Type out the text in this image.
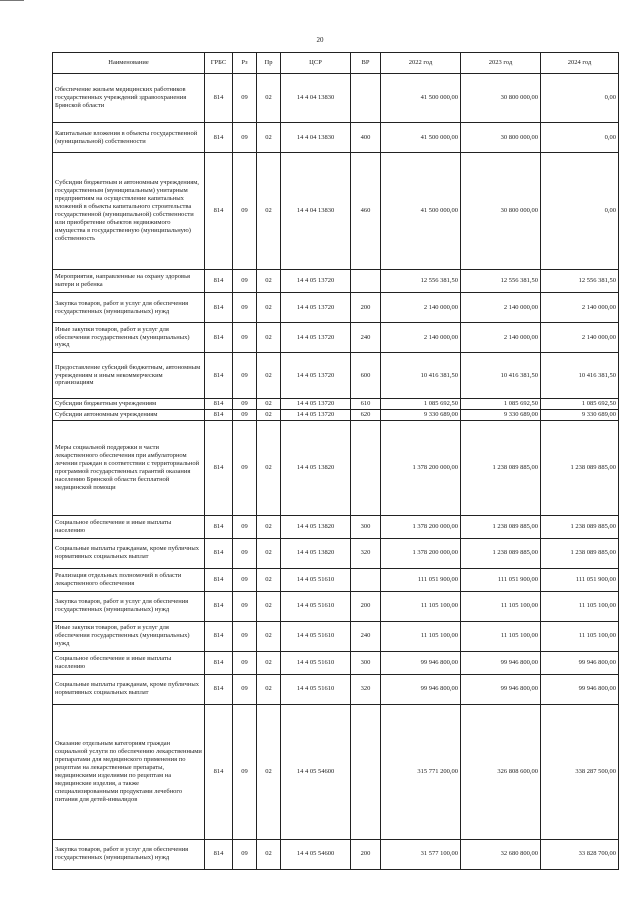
20
Наименование	ГРБС	Рз	Пр	ЦСР	ВР	2022 год	2023 год	2024 год
Обеспечение жильем медицинских работников государственных учреждений здравоохранения Брянской области	814	09	02	14 4 04 13830		41 500 000,00	30 800 000,00	0,00
Капитальные вложения в объекты государственной (муниципальной) собственности	814	09	02	14 4 04 13830	400	41 500 000,00	30 800 000,00	0,00
Субсидии бюджетным и автономным учреждениям, государственным (муниципальным) унитарным предприятиям на осуществление капитальных вложений в объекты капитального строительства государственной (муниципальной) собственности или приобретение объектов недвижимого имущества в государственную (муниципальную) собственность	814	09	02	14 4 04 13830	460	41 500 000,00	30 800 000,00	0,00
Мероприятия, направленные на охрану здоровья матери и ребенка	814	09	02	14 4 05 13720		12 556 381,50	12 556 381,50	12 556 381,50
Закупка товаров, работ и услуг для обеспечения государственных (муниципальных) нужд	814	09	02	14 4 05 13720	200	2 140 000,00	2 140 000,00	2 140 000,00
Иные закупки товаров, работ и услуг для обеспечения государственных (муниципальных) нужд	814	09	02	14 4 05 13720	240	2 140 000,00	2 140 000,00	2 140 000,00
Предоставление субсидий бюджетным, автономным учреждениям и иным некоммерческим организациям	814	09	02	14 4 05 13720	600	10 416 381,50	10 416 381,50	10 416 381,50
Субсидии бюджетным учреждениям	814	09	02	14 4 05 13720	610	1 085 692,50	1 085 692,50	1 085 692,50
Субсидии автономным учреждениям	814	09	02	14 4 05 13720	620	9 330 689,00	9 330 689,00	9 330 689,00
Меры социальной поддержки в части лекарственного обеспечения при амбулаторном лечении граждан в соответствии с территориальной программой государственных гарантий оказания населению Брянской области бесплатной медицинской помощи	814	09	02	14 4 05 13820		1 378 200 000,00	1 238 089 885,00	1 238 089 885,00
Социальное обеспечение и иные выплаты населению	814	09	02	14 4 05 13820	300	1 378 200 000,00	1 238 089 885,00	1 238 089 885,00
Социальные выплаты гражданам, кроме публичных нормативных социальных выплат	814	09	02	14 4 05 13820	320	1 378 200 000,00	1 238 089 885,00	1 238 089 885,00
Реализация отдельных полномочий в области лекарственного обеспечения	814	09	02	14 4 05 51610		111 051 900,00	111 051 900,00	111 051 900,00
Закупка товаров, работ и услуг для обеспечения государственных (муниципальных) нужд	814	09	02	14 4 05 51610	200	11 105 100,00	11 105 100,00	11 105 100,00
Иные закупки товаров, работ и услуг для обеспечения государственных (муниципальных) нужд	814	09	02	14 4 05 51610	240	11 105 100,00	11 105 100,00	11 105 100,00
Социальное обеспечение и иные выплаты населению	814	09	02	14 4 05 51610	300	99 946 800,00	99 946 800,00	99 946 800,00
Социальные выплаты гражданам, кроме публичных нормативных социальных выплат	814	09	02	14 4 05 51610	320	99 946 800,00	99 946 800,00	99 946 800,00
Оказание отдельным категориям граждан социальной услуги по обеспечению лекарственными препаратами для медицинского применения по рецептам на лекарственные препараты, медицинскими изделиями по рецептам на медицинские изделия, а также специализированными продуктами лечебного питания для детей-инвалидов	814	09	02	14 4 05 54600		315 771 200,00	326 808 600,00	338 287 500,00
Закупка товаров, работ и услуг для обеспечения государственных (муниципальных) нужд	814	09	02	14 4 05 54600	200	31 577 100,00	32 680 800,00	33 828 700,00
